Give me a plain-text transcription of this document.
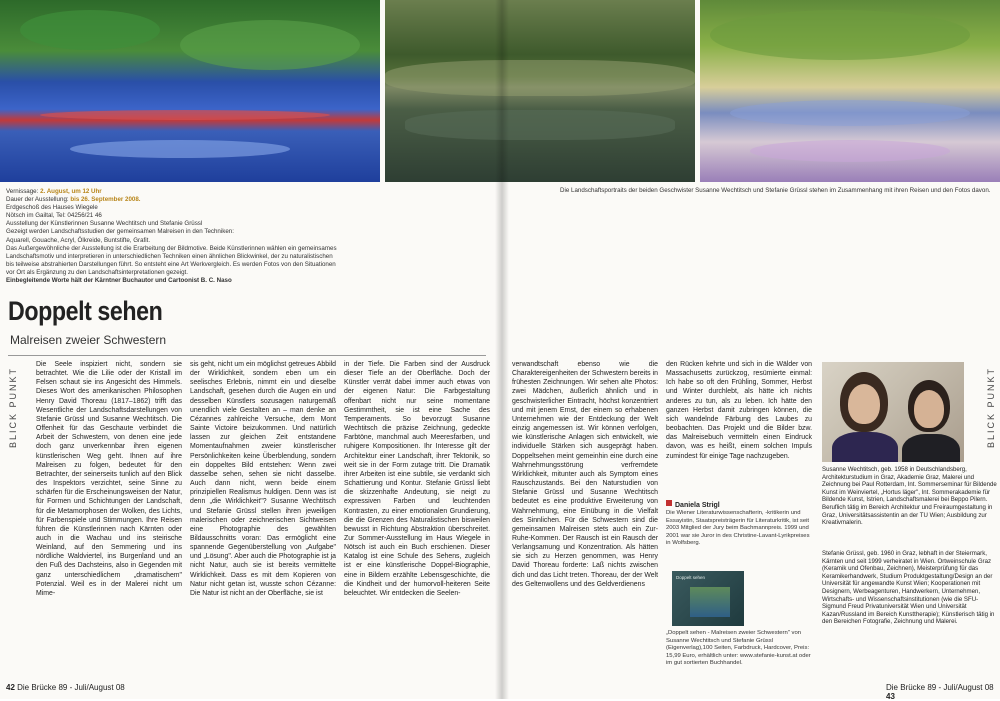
Vernissage: 2. August, um 12 Uhr
Dauer der Ausstellung: bis 26. September 2008.
Erdgeschoß des Hauses Wiegele
Nötsch im Gailtal, Tel: 04256/21 46
Ausstellung der Künstlerinnen Susanne Wechtitsch und Stefanie Grüssl
Gezeigt werden Landschaftsstudien der gemeinsamen Malreisen in den Techniken:
Aquarell, Gouache, Acryl, Ölkreide, Buntstifte, Grafit.
Das Außergewöhnliche der Ausstellung ist die Erarbeitung der Bildmotive. Beide Künstlerinnen wählen ein gemeinsames
Landschaftsmotiv und interpretieren in unterschiedlichen Techniken einen ähnlichen Blickwinkel, der zu naturalistischen
bis teilweise abstrahierten Darstellungen führt. So entsteht eine Art Werkvergleich. Es werden Fotos von den Situationen
vor Ort als Ergänzung zu den Landschaftsinterpretationen gezeigt.
Einbegleitende Worte hält der Kärntner Buchautor und Cartoonist B. C. Naso
Die Landschaftsportraits der beiden Geschwister Susanne Wechtitsch und Stefanie Grüssl stehen im Zusammenhang mit ihren Reisen und den Fotos davon.
Doppelt sehen
Malreisen zweier Schwestern
BLICK PUNKT	BLICK PUNKT

Die Seele inspiziert nicht, sondern sie betrachtet. Wie die Lilie oder der Kristall im Felsen schaut sie ins Angesicht des Himmels. Dieses Wort des amerikanischen Philosophen Henry David Thoreau (1817–1862) trifft das Wesentliche der Landschaftsdarstellungen von Stefanie Grüssl und Susanne Wechtitsch. Die Offenheit für das Geschaute verbindet die Arbeit der Schwestern, von denen eine jede doch ganz unverkennbar ihren eigenen künstlerischen Weg geht. Ihnen auf ihre Malreisen zu folgen, bedeutet für den Betrachter, der seinerseits tunlich auf den Blick des Inspektors verzichtet, seine Sinne zu schärfen für die Erscheinungsweisen der Natur, für Formen und Schichtungen der Landschaft, für die Metamorphosen der Wolken, des Lichts, für Farbenspiele und Stimmungen. Ihre Reisen führen die Künstlerinnen nach Kärnten oder auch in die Wachau und ins steirische Weinland, auf den Semmering und ins nördliche Waldviertel, ins Burgenland und an den Fuß des Dachsteins, also in Gegenden mit ganz unterschiedlichem „dramatischem" Potenzial. Weil es in der Malerei nicht um Mime-

sis geht, nicht um ein möglichst getreues Abbild der Wirklichkeit, sondern eben um ein seelisches Erlebnis, nimmt ein und dieselbe Landschaft, gesehen durch die Augen ein und desselben Künstlers sozusagen naturgemäß unendlich viele Gestalten an – man denke an Cézannes zahlreiche Versuche, dem Mont Sainte Victoire beizukommen. Und natürlich lassen zur gleichen Zeit entstandene Momentaufnahmen zweier künstlerischer Persönlichkeiten keine Überblendung, sondern ein doppeltes Bild entstehen: Wenn zwei dasselbe sehen, sehen sie nicht dasselbe. Auch dann nicht, wenn beide einem prinzipiellen Realismus huldigen. Denn was ist denn „die Wirklichkeit"? Susanne Wechtitsch und Stefanie Grüssl stellen ihren jeweiligen malerischen oder zeichnerischen Sichtweisen eine Photographie des gewählten Bildausschnitts voran: Das ermöglicht eine spannende Gegenüberstellung von „Aufgabe" und „Lösung". Aber auch die Photographie ist ja nicht Natur, auch sie ist bereits vermittelte Wirklichkeit. Dass es mit dem Kopieren von Natur nicht getan ist, wusste schon Cézanne: Die Natur ist nicht an der Oberfläche, sie ist

in der Tiefe. Die Farben sind der Ausdruck dieser Tiefe an der Oberfläche. Doch der Künstler verrät dabei immer auch etwas von der eigenen Natur: Die Farbgestaltung offenbart nicht nur seine momentane Gestimmtheit, sie ist eine Sache des Temperaments. So bevorzugt Susanne Wechtitsch die präzise Zeichnung, gedeckte Farbtöne, manchmal auch Meeresfarben, und ruhigere Kompositionen. Ihr Interesse gilt der Architektur einer Landschaft, ihrer Tektonik, so weit sie in der Form zutage tritt. Die Dramatik ihrer Arbeiten ist eine subtile, sie verdankt sich Schattierung und Kontur. Stefanie Grüssl liebt die skizzenhafte Andeutung, sie neigt zu expressiven Farben und leuchtenden Kontrasten, zu einer emotionalen Grundierung, die die Grenzen des Naturalistischen bisweilen bewusst in Richtung Abstraktion überschreitet. Zur Sommer-Ausstellung im Haus Wiegele in Nötsch ist auch ein Buch erschienen. Dieser Katalog ist eine Schule des Sehens, zugleich ist er eine künstlerische Doppel-Biographie, eine in Bildern erzählte Lebensgeschichte, die die Kindheit und der humorvoll-heiteren Seite beleuchtet. Wir entdecken die Seelen-

verwandtschaft ebenso wie die Charaktereigenheiten der Schwestern bereits in frühesten Zeichnungen. Wir sehen alte Photos: zwei Mädchen, äußerlich ähnlich und in geschwisterlicher Eintracht, höchst konzentriert und mit jenem Ernst, der einem so erhabenen Unternehmen wie der Entdeckung der Welt einzig angemessen ist. Wir können verfolgen, wie künstlerische Anlagen sich entwickelt, wie individuelle Stärken sich ausgeprägt haben. Doppeltsehen meint gemeinhin eine durch eine Wahrnehmungsstörung verfremdete Wirklichkeit, mitunter auch als Symptom eines Rauschzustands. Bei den Naturstudien von Stefanie Grüssl und Susanne Wechtitsch bedeutet es eine produktive Erweiterung von Wahrnehmung, eine Einübung in die Vielfalt des Sinnlichen. Für die Schwestern sind die gemeinsamen Malreisen stets auch ein Zur-Ruhe-Kommen. Der Rausch ist ein Rausch der Verlangsamung und Konzentration. Als hätten sie sich zu Herzen genommen, was Henry David Thoreau forderte: Laß nichts zwischen dich und das Licht treten. Thoreau, der der Welt des Geltenwollens und des Geldverdienens

den Rücken kehrte und sich in die Wälder von Massachusetts zurückzog, resümierte einmal: Ich habe so oft den Frühling, Sommer, Herbst und Winter durchlebt, als hätte ich nichts anderes zu tun, als zu leben. Ich hätte den ganzen Herbst damit zubringen können, die sich wandelnde Färbung des Laubes zu beobachten. Das Projekt und die Bilder bzw. das Malreisebuch vermitteln einen Eindruck davon, was es heißt, einem solchen Impuls zumindest für einige Tage nachzugeben.

Daniela Strigl
Die Wiener Literaturwissenschafterin, -kritikerin und Essayistin, Staatspreisträgerin für Literaturkritik, ist seit 2003 Mitglied der Jury beim Bachmannpreis. 1999 und 2001 war sie Juror in des Christine-Lavant-Lyrikpreises in Wolfsberg.
Doppelt sehen
„Doppelt sehen - Malreisen zweier Schwestern" von Susanne Wechtitsch und Stefanie Grüssl (Eigenverlag),100 Seiten, Farbdruck, Hardcover, Preis: 15,99 Euro, erhältlich unter: www.stefanie-kunst.at oder im gut sortierten Buchhandel.
Susanne Wechtitsch, geb. 1958 in Deutschlandsberg, Architekturstudium in Graz, Akademie Graz, Malerei und Zeichnung bei Paul Rotterdam, Int. Sommerseminar für Bildende Kunst im Weinviertel, „Hortus läger", Int. Sommerakademie für Bildende Kunst, Istrien, Landschaftsmalerei bei Beppo Pilern. Beruflich tätig im Bereich Architektur und Freiraumgestaltung in Graz, Universitätsassistentin an der TU Wien; Ausbildung zur Kreativmalerin.
Stefanie Grüssl, geb. 1960 in Graz, lebhaft in der Steiermark, Kärnten und seit 1999 verheiratet in Wien. Ortweinschule Graz (Keramik und Ofenbau, Zeichnen), Meisterprüfung für das Keramikerhandwerk, Studium Produktgestaltung/Design an der Universität für angewandte Kunst Wien; Kooperationen mit Designern, Werbeagenturen, Handwerkern, Unternehmen, Wirtschafts- und Wissenschaftsinstitutionen (wie die SFU-Sigmund Freud Privatuniversität Wien und Universität Kazan/Russland im Bereich Kunsttherapie); Künstlerisch tätig in den Bereichen Fotografie, Zeichnung und Malerei.
42 Die Brücke 89 - Juli/August 08	Die Brücke 89 - Juli/August 08 43
